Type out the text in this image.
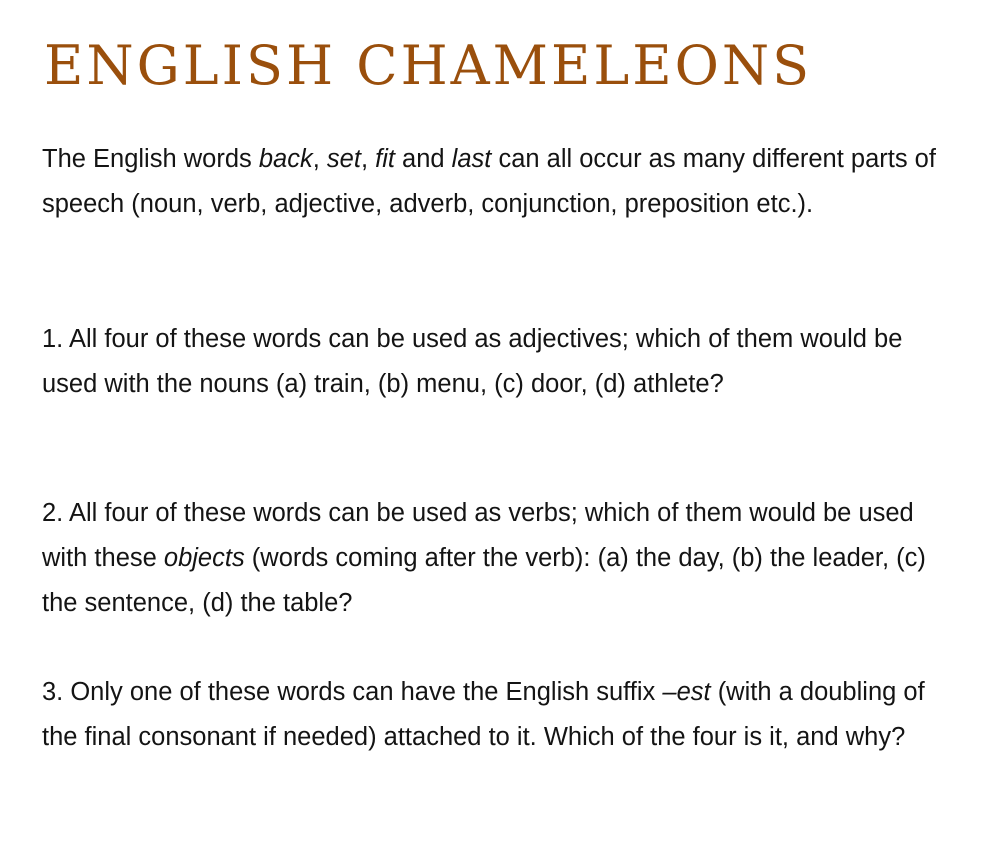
ENGLISH CHAMELEONS

The English words back, set, fit and last can all occur as many different parts of speech (noun, verb, adjective, adverb, conjunction, preposition etc.).

1. All four of these words can be used as adjectives; which of them would be used with the nouns (a) train, (b) menu, (c) door, (d) athlete?

2. All four of these words can be used as verbs; which of them would be used with these objects (words coming after the verb): (a) the day, (b) the leader, (c) the sentence, (d) the table?

3. Only one of these words can have the English suffix –est (with a doubling of the final consonant if needed) attached to it. Which of the four is it, and why?
